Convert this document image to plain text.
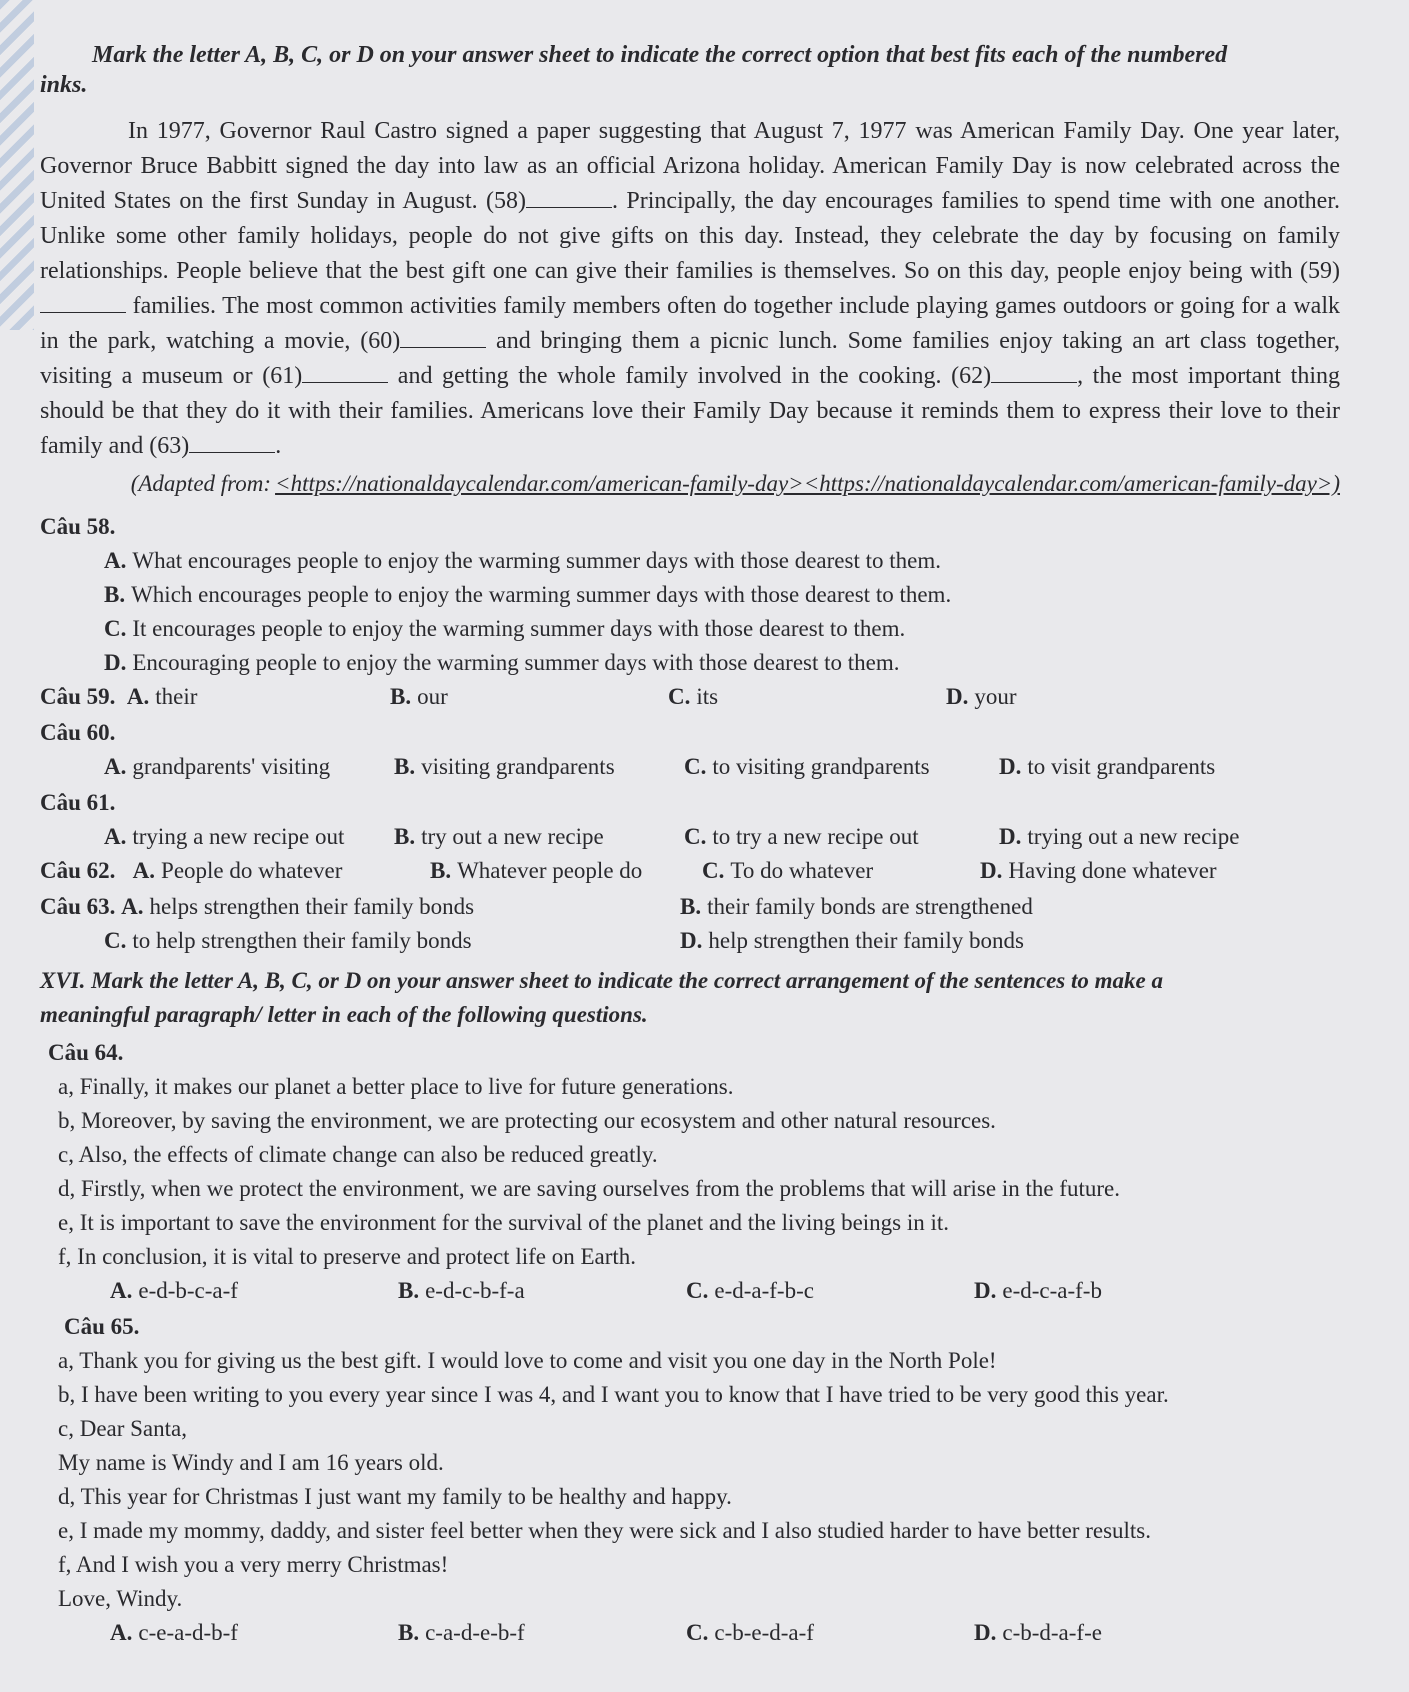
Mark the letter A, B, C, or D on your answer sheet to indicate the correct option that best fits each of the numbered
inks.

In 1977, Governor Raul Castro signed a paper suggesting that August 7, 1977 was American Family Day. One year later, Governor Bruce Babbitt signed the day into law as an official Arizona holiday. American Family Day is now celebrated across the United States on the first Sunday in August. (58)	. Principally, the day encourages families to spend time with one another. Unlike some other family holidays, people do not give gifts on this day. Instead, they celebrate the day by focusing on family relationships. People believe that the best gift one can give their families is themselves. So on this day, people enjoy being with (59) families. The most common activities family members often do together include playing games outdoors or going for a walk in the park, watching a movie, (60)	and bringing them a picnic lunch. Some families enjoy taking an art class together, visiting a museum or (61)	and getting the whole family involved in the cooking. (62)	, the most important thing should be that they do it with their families. Americans love their Family Day because it reminds them to express their love to their family and (63)	.

(Adapted from: <https://nationaldaycalendar.com/american-family-day><https://nationaldaycalendar.com/american-family-day>)
Câu 58.
A. What encourages people to enjoy the warming summer days with those dearest to them.
B. Which encourages people to enjoy the warming summer days with those dearest to them.
C. It encourages people to enjoy the warming summer days with those dearest to them.
D. Encouraging people to enjoy the warming summer days with those dearest to them.
Câu 59. A. their	B. our	C. its	D. your
Câu 60.
A. grandparents' visiting	B. visiting grandparents	C. to visiting grandparents	D. to visit grandparents
Câu 61.
A. trying a new recipe out	B. try out a new recipe	C. to try a new recipe out	D. trying out a new recipe
Câu 62. A. People do whatever	B. Whatever people do	C. To do whatever	D. Having done whatever
Câu 63. A. helps strengthen their family bonds	B. their family bonds are strengthened
C. to help strengthen their family bonds	D. help strengthen their family bonds
XVI. Mark the letter A, B, C, or D on your answer sheet to indicate the correct arrangement of the sentences to make a
meaningful paragraph/ letter in each of the following questions.
Câu 64.
a, Finally, it makes our planet a better place to live for future generations.
b, Moreover, by saving the environment, we are protecting our ecosystem and other natural resources.
c, Also, the effects of climate change can also be reduced greatly.
d, Firstly, when we protect the environment, we are saving ourselves from the problems that will arise in the future.
e, It is important to save the environment for the survival of the planet and the living beings in it.
f, In conclusion, it is vital to preserve and protect life on Earth.
A. e-d-b-c-a-f	B. e-d-c-b-f-a	C. e-d-a-f-b-c	D. e-d-c-a-f-b
Câu 65.
a, Thank you for giving us the best gift. I would love to come and visit you one day in the North Pole!
b, I have been writing to you every year since I was 4, and I want you to know that I have tried to be very good this year.
c, Dear Santa,
My name is Windy and I am 16 years old.
d, This year for Christmas I just want my family to be healthy and happy.
e, I made my mommy, daddy, and sister feel better when they were sick and I also studied harder to have better results.
f, And I wish you a very merry Christmas!
Love, Windy.
A. c-e-a-d-b-f	B. c-a-d-e-b-f	C. c-b-e-d-a-f	D. c-b-d-a-f-e
